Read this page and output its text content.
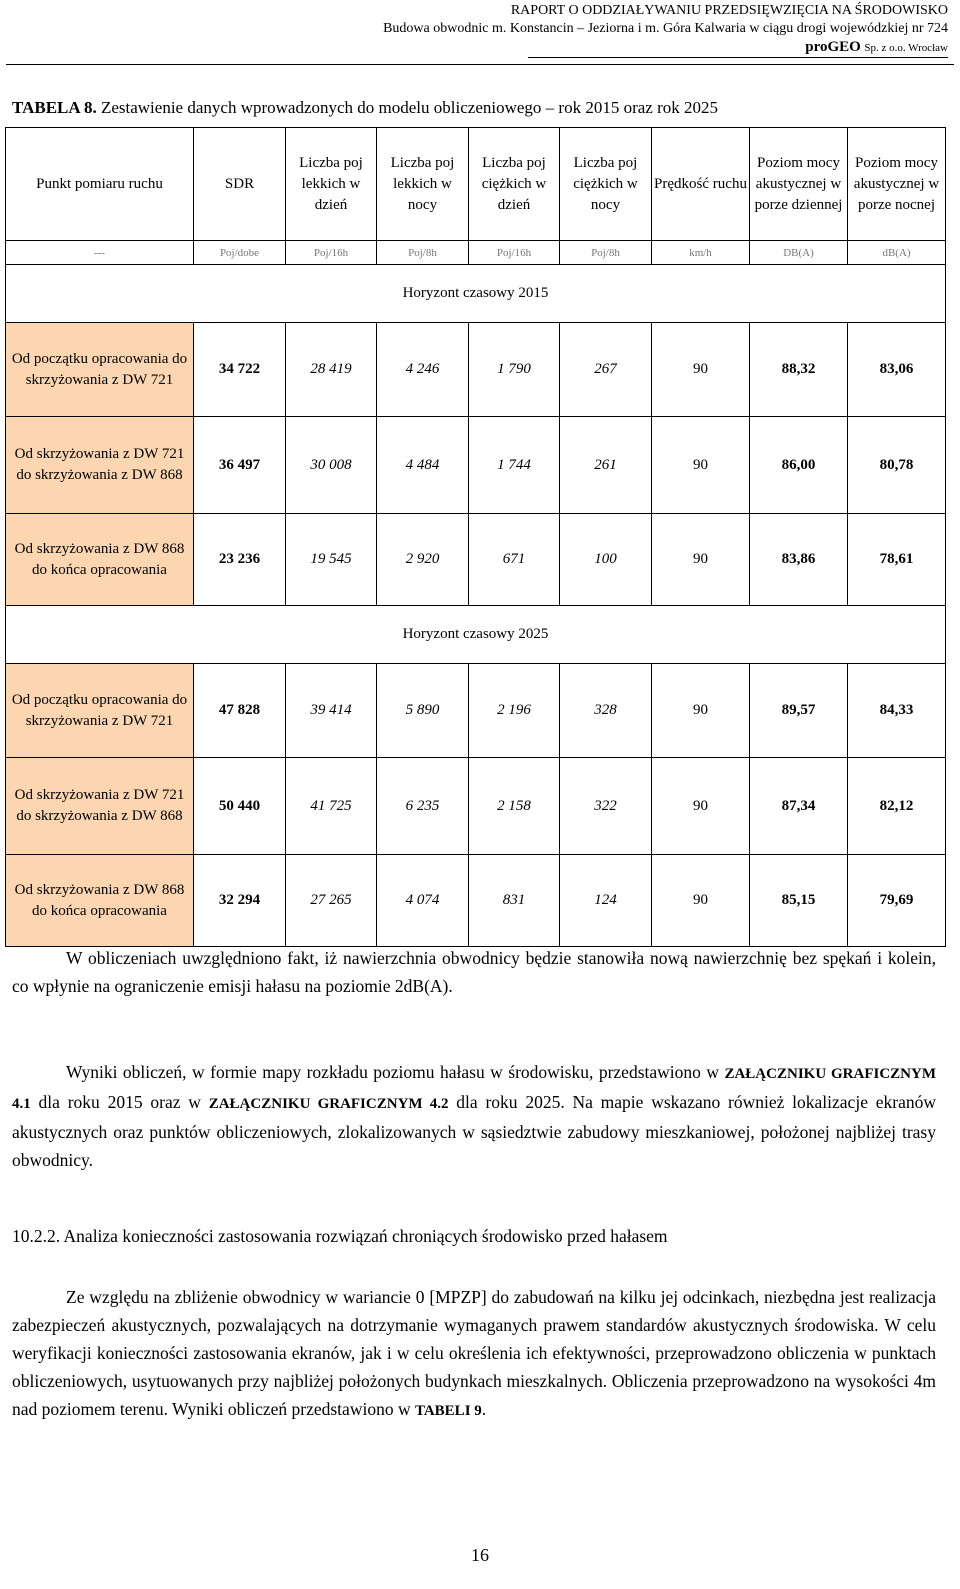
RAPORT O ODDZIAŁYWANIU PRZEDSIĘWZIĘCIA NA ŚRODOWISKO
Budowa obwodnic m. Konstancin – Jeziorna i m. Góra Kalwaria w ciągu drogi wojewódzkiej nr 724
proGEO Sp. z o.o. Wrocław
TABELA 8. Zestawienie danych wprowadzonych do modelu obliczeniowego – rok 2015 oraz rok 2025
Punkt pomiaru ruchu	SDR	Liczba poj lekkich w dzień	Liczba poj lekkich w nocy	Liczba poj ciężkich w dzień	Liczba poj ciężkich w nocy	Prędkość ruchu	Poziom mocy akustycznej w porze dziennej	Poziom mocy akustycznej w porze nocnej
---	Poj/dobe	Poj/16h	Poj/8h	Poj/16h	Poj/8h	km/h	DB(A)	dB(A)
Horyzont czasowy 2015								
Od początku opracowania do skrzyżowania z DW 721	34 722	28 419	4 246	1 790	267	90	88,32	83,06
Od skrzyżowania z DW 721 do skrzyżowania z DW 868	36 497	30 008	4 484	1 744	261	90	86,00	80,78
Od skrzyżowania z DW 868 do końca opracowania	23 236	19 545	2 920	671	100	90	83,86	78,61
Horyzont czasowy 2025								
Od początku opracowania do skrzyżowania z DW 721	47 828	39 414	5 890	2 196	328	90	89,57	84,33
Od skrzyżowania z DW 721 do skrzyżowania z DW 868	50 440	41 725	6 235	2 158	322	90	87,34	82,12
Od skrzyżowania z DW 868 do końca opracowania	32 294	27 265	4 074	831	124	90	85,15	79,69
W obliczeniach uwzględniono fakt, iż nawierzchnia obwodnicy będzie stanowiła nową nawierzchnię bez spękań i kolein, co wpłynie na ograniczenie emisji hałasu na poziomie 2dB(A).
Wyniki obliczeń, w formie mapy rozkładu poziomu hałasu w środowisku, przedstawiono w ZAŁĄCZNIKU GRAFICZNYM 4.1 dla roku 2015 oraz w ZAŁĄCZNIKU GRAFICZNYM 4.2 dla roku 2025. Na mapie wskazano również lokalizacje ekranów akustycznych oraz punktów obliczeniowych, zlokalizowanych w sąsiedztwie zabudowy mieszkaniowej, położonej najbliżej trasy obwodnicy.
10.2.2. Analiza konieczności zastosowania rozwiązań chroniących środowisko przed hałasem
Ze względu na zbliżenie obwodnicy w wariancie 0 [MPZP] do zabudowań na kilku jej odcinkach, niezbędna jest realizacja zabezpieczeń akustycznych, pozwalających na dotrzymanie wymaganych prawem standardów akustycznych środowiska. W celu weryfikacji konieczności zastosowania ekranów, jak i w celu określenia ich efektywności, przeprowadzono obliczenia w punktach obliczeniowych, usytuowanych przy najbliżej położonych budynkach mieszkalnych. Obliczenia przeprowadzono na wysokości 4m nad poziomem terenu. Wyniki obliczeń przedstawiono w TABELI 9.
16
